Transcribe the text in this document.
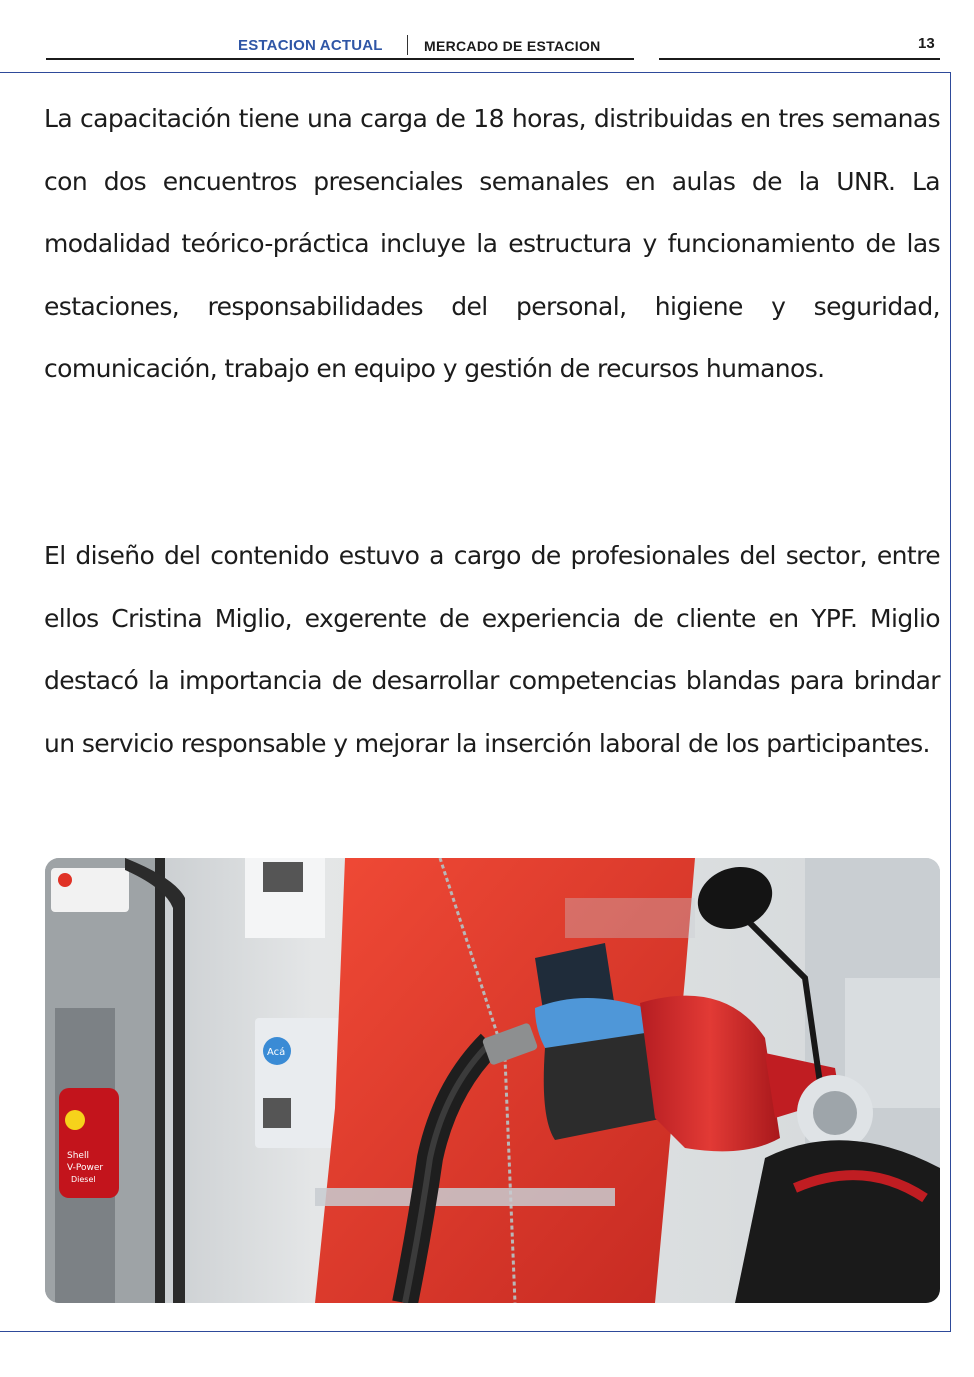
ESTACION ACTUAL	MERCADO DE ESTACION	13

La capacitación tiene una carga de 18 horas, distribuidas en tres semanas con dos encuentros presenciales semanales en aulas de la UNR. La modalidad teórico-práctica incluye la estructura y funcionamiento de las estaciones, responsabilidades del personal, higiene y seguridad, comunicación, trabajo en equipo y gestión de recursos humanos.

El diseño del contenido estuvo a cargo de profesionales del sector, entre ellos Cristina Miglio, exgerente de experiencia de cliente en YPF. Miglio destacó la importancia de desarrollar competencias blandas para brindar un servicio responsable y mejorar la inserción laboral de los participantes.

Shell
V-Power
Diesel
Acá
